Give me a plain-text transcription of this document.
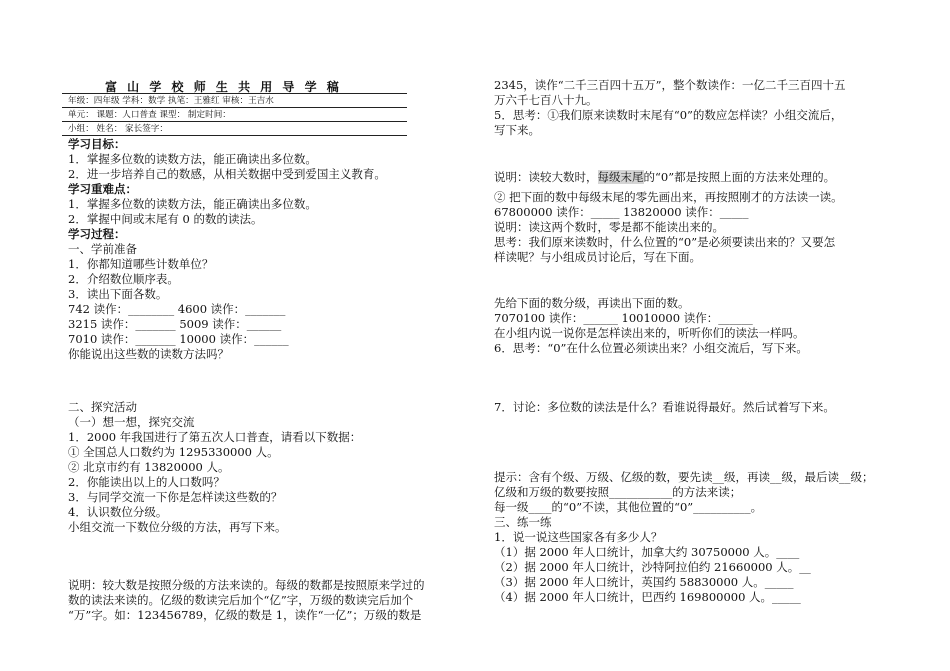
富 山 学 校 师 生 共 用 导 学 稿
年级：四年级 学科：数学 执笔：王雅红 审核：王吉水
单元： 课题：人口普查 课型： 制定时间：
小组： 姓名： 家长签字：
学习目标：
1．掌握多位数的读数方法，能正确读出多位数。
2．进一步培养自己的数感，从相关数据中受到爱国主义教育。
学习重难点：
1．掌握多位数的读数方法，能正确读出多位数。
2．掌握中间或末尾有 0 的数的读法。
学习过程：
一、学前准备
1．你都知道哪些计数单位？
2．介绍数位顺序表。
3．读出下面各数。
742 读作：________ 4600 读作：_______
3215 读作：_______ 5009 读作：______
7010 读作：_______ 10000 读作：______
你能说出这些数的读数方法吗？
二、探究活动
（一）想一想，探究交流
1．2000 年我国进行了第五次人口普查，请看以下数据：
① 全国总人口数约为 1295330000 人。
② 北京市约有 13820000 人。
2．你能读出以上的人口数吗？
3．与同学交流一下你是怎样读这些数的？
4．认识数位分级。
小组交流一下数位分级的方法，再写下来。
说明：较大数是按照分级的方法来读的。每级的数都是按照原来学过的
数的读法来读的。亿级的数读完后加个“亿”字，万级的数读完后加个
“万”字。如：123456789，亿级的数是 1，读作“一亿”；万级的数是
2345，读作“二千三百四十五万”，整个数读作：一亿二千三百四十五
万六千七百八十九。
5．思考：①我们原来读数时末尾有“0”的数应怎样读？小组交流后，
写下来。
说明：读较大数时，每级末尾的“0”都是按照上面的方法来处理的。
② 把下面的数中每级末尾的零先画出来，再按照刚才的方法读一读。
67800000 读作：_____ 13820000 读作：_____
说明：读这两个数时，零是都不能读出来的。
思考：我们原来读数时，什么位置的“0”是必须要读出来的？又要怎
样读呢？与小组成员讨论后，写在下面。
先给下面的数分级，再读出下面的数。
7070100 读作：______ 10010000 读作：______
在小组内说一说你是怎样读出来的，听听你们的读法一样吗。
6．思考：“0”在什么位置必须读出来？小组交流后，写下来。
7．讨论：多位数的读法是什么？看谁说得最好。然后试着写下来。
提示：含有个级、万级、亿级的数，要先读__级，再读__级，最后读__级；
亿级和万级的数要按照___________的方法来读；
每一级____的“0”不读，其他位置的“0”__________。
三、练一练
1．说一说这些国家各有多少人？
（1）据 2000 年人口统计，加拿大约 30750000 人。____
（2）据 2000 年人口统计，沙特阿拉伯约 21660000 人。__
（3）据 2000 年人口统计，英国约 58830000 人。_____
（4）据 2000 年人口统计，巴西约 169800000 人。_____
